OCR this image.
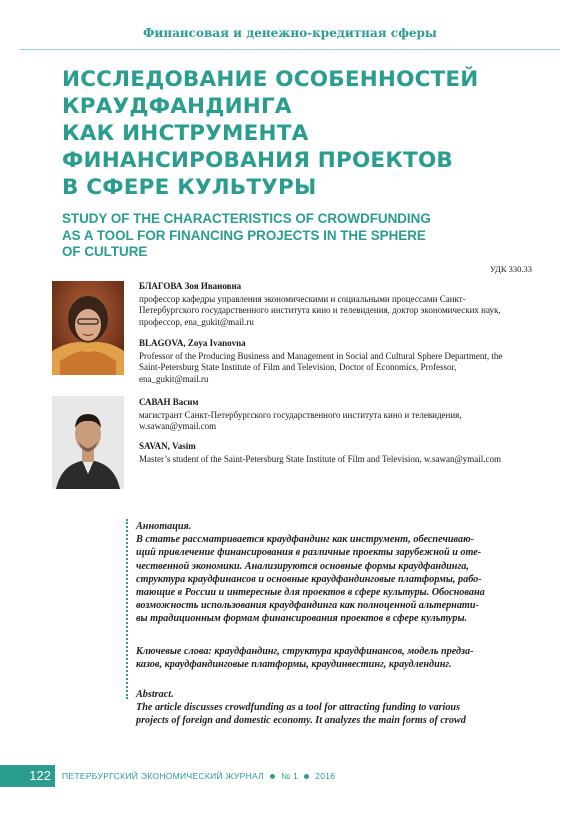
Финансовая и денежно-кредитная сферы
ИССЛЕДОВАНИЕ ОСОБЕННОСТЕЙ
КРАУДФАНДИНГА
КАК ИНСТРУМЕНТА
ФИНАНСИРОВАНИЯ ПРОЕКТОВ
В СФЕРЕ КУЛЬТУРЫ
STUDY OF THE CHARACTERISTICS OF CROWDFUNDING
AS A TOOL FOR FINANCING PROJECTS IN THE SPHERE
OF CULTURE
УДК 330.33
БЛАГОВА Зоя Ивановна
профессор кафедры управления экономическими и социальными процессами Санкт-Петербургского государственного института кино и телевидения, доктор экономических наук, профессор, ena_gukit@mail.ru
BLAGOVA, Zoya Ivanovna
Professor of the Producing Business and Management in Social and Cultural Sphere Department, the Saint-Petersburg State Institute of Film and Television, Doctor of Economics, Professor, ena_gukit@mail.ru
САВАН Васим
магистрант Санкт-Петербургского государственного института кино и телевидения, w.sawan@ymail.com
SAVAN, Vasim
Master’s student of the Saint-Petersburg State Institute of Film and Television, w.sawan@ymail.com
Аннотация.
В статье рассматривается краудфандинг как инструмент, обеспечиваю-
щий привлечение финансирования в различные проекты зарубежной и оте-
чественной экономики. Анализируются основные формы краудфандинга,
структура краудфинансов и основные краудфандинговые платформы, рабо-
тающие в России и интересные для проектов в сфере культуры. Обоснована
возможность использования краудфандинга как полноценной альтернати-
вы традиционным формам финансирования проектов в сфере культуры.
Ключевые слова: краудфандинг, структура краудфинансов, модель предза-
казов, краудфандинговые платформы, краудинвестинг, краудлендинг.
Abstract.
The article discusses crowdfunding as a tool for attracting funding to various
projects of foreign and domestic economy. It analyzes the main forms of crowd
122	ПЕТЕРБУРГСКИЙ ЭКОНОМИЧЕСКИЙ ЖУРНАЛ № 1 2016
